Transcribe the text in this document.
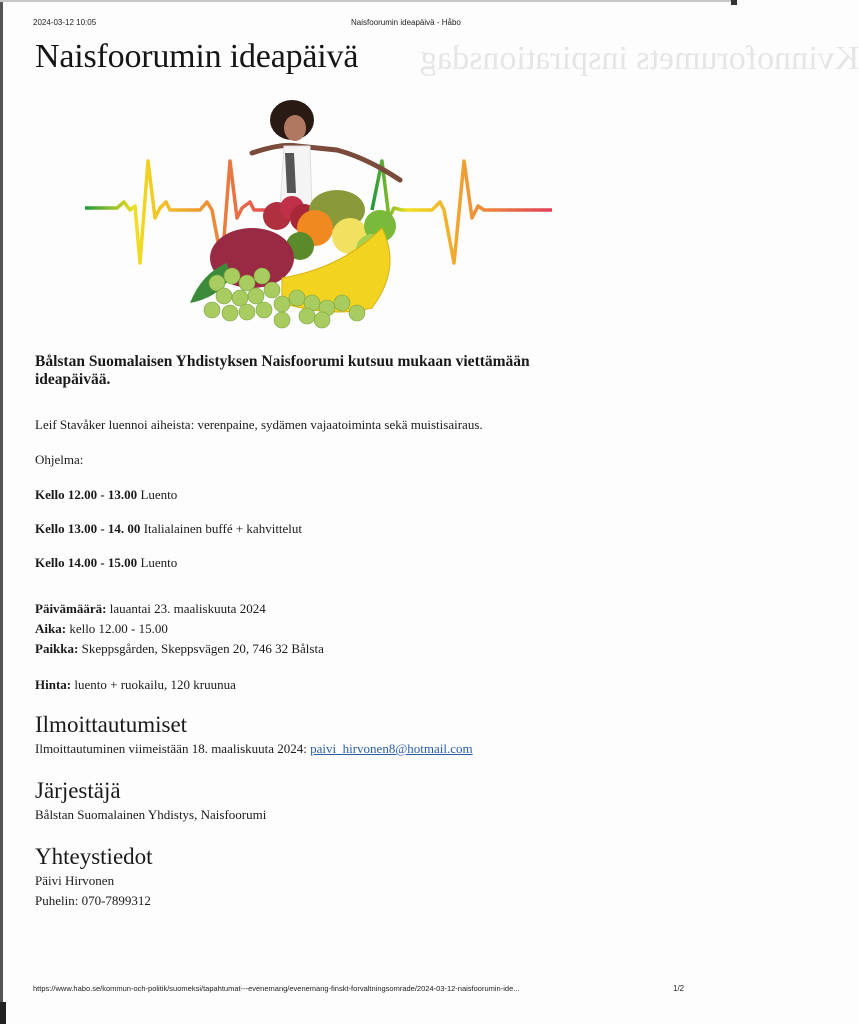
Kvinnoforumets inspirationsdag
2024-03-12 10:05	Naisfoorumin ideapäivä - Håbo
Naisfoorumin ideapäivä
Bålstan Suomalaisen Yhdistyksen Naisfoorumi kutsuu mukaan viettämään ideapäivää.
Leif Stavåker luennoi aiheista: verenpaine, sydämen vajaatoiminta sekä muistisairaus.
Ohjelma:
Kello 12.00 - 13.00 Luento
Kello 13.00 - 14. 00 Italialainen buffé + kahvittelut
Kello 14.00 - 15.00 Luento
Päivämäärä: lauantai 23. maaliskuuta 2024
Aika: kello 12.00 - 15.00
Paikka: Skeppsgården, Skeppsvägen 20, 746 32 Bålsta
Hinta: luento + ruokailu, 120 kruunua
Ilmoittautumiset
Ilmoittautuminen viimeistään 18. maaliskuuta 2024: paivi_hirvonen8@hotmail.com
Järjestäjä
Bålstan Suomalainen Yhdistys, Naisfoorumi
Yhteystiedot
Päivi Hirvonen
Puhelin: 070-7899312
https://www.habo.se/kommun-och-politik/suomeksi/tapahtumat---evenemang/evenemang-finskt-forvaltningsomrade/2024-03-12-naisfoorumin-ide...	1/2
